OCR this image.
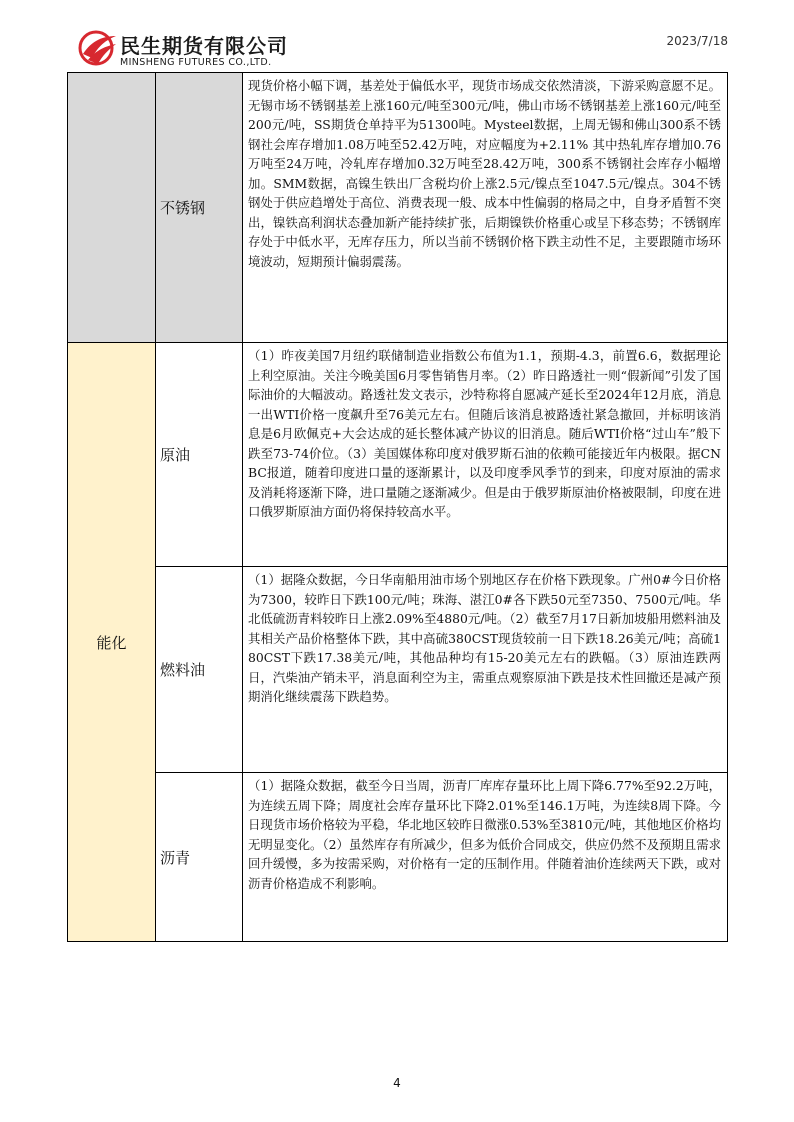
民生期货有限公司
MINSHENG FUTURES CO.,LTD.
2023/7/18
	不锈钢	现货价格小幅下调，基差处于偏低水平，现货市场成交依然清淡，下游采购意愿不足。无锡市场不锈钢基差上涨160元/吨至300元/吨，佛山市场不锈钢基差上涨160元/吨至200元/吨，SS期货仓单持平为51300吨。Mysteel数据，上周无锡和佛山300系不锈钢社会库存增加1.08万吨至52.42万吨，对应幅度为+2.11% 其中热轧库存增加0.76万吨至24万吨，冷轧库存增加0.32万吨至28.42万吨，300系不锈钢社会库存小幅增加。SMM数据，高镍生铁出厂含税均价上涨2.5元/镍点至1047.5元/镍点。304不锈钢处于供应趋增处于高位、消费表现一般、成本中性偏弱的格局之中，自身矛盾暂不突出，镍铁高利润状态叠加新产能持续扩张，后期镍铁价格重心或呈下移态势；不锈钢库存处于中低水平，无库存压力，所以当前不锈钢价格下跌主动性不足，主要跟随市场环境波动，短期预计偏弱震荡。
能化	原油	（1）昨夜美国7月纽约联储制造业指数公布值为1.1，预期-4.3，前置6.6，数据理论上利空原油。关注今晚美国6月零售销售月率。（2）昨日路透社一则“假新闻”引发了国际油价的大幅波动。路透社发文表示，沙特称将自愿减产延长至2024年12月底，消息一出WTI价格一度飙升至76美元左右。但随后该消息被路透社紧急撤回，并标明该消息是6月欧佩克+大会达成的延长整体减产协议的旧消息。随后WTI价格“过山车”般下跌至73-74价位。（3）美国媒体称印度对俄罗斯石油的依赖可能接近年内极限。据CNBC报道，随着印度进口量的逐渐累计，以及印度季风季节的到来，印度对原油的需求及消耗将逐渐下降，进口量随之逐渐减少。但是由于俄罗斯原油价格被限制，印度在进口俄罗斯原油方面仍将保持较高水平。
	燃料油	（1）据隆众数据，今日华南船用油市场个别地区存在价格下跌现象。广州0#今日价格为7300，较昨日下跌100元/吨；珠海、湛江0#各下跌50元至7350、7500元/吨。华北低硫沥青料较昨日上涨2.09%至4880元/吨。（2）截至7月17日新加坡船用燃料油及其相关产品价格整体下跌，其中高硫380CST现货较前一日下跌18.26美元/吨；高硫180CST下跌17.38美元/吨，其他品种均有15-20美元左右的跌幅。（3）原油连跌两日，汽柴油产销未平，消息面利空为主，需重点观察原油下跌是技术性回撤还是减产预期消化继续震荡下跌趋势。
	沥青	（1）据隆众数据，截至今日当周，沥青厂库库存量环比上周下降6.77%至92.2万吨，为连续五周下降；周度社会库存量环比下降2.01%至146.1万吨，为连续8周下降。今日现货市场价格较为平稳，华北地区较昨日微涨0.53%至3810元/吨，其他地区价格均无明显变化。（2）虽然库存有所减少，但多为低价合同成交，供应仍然不及预期且需求回升缓慢，多为按需采购，对价格有一定的压制作用。伴随着油价连续两天下跌，或对沥青价格造成不利影响。
4
